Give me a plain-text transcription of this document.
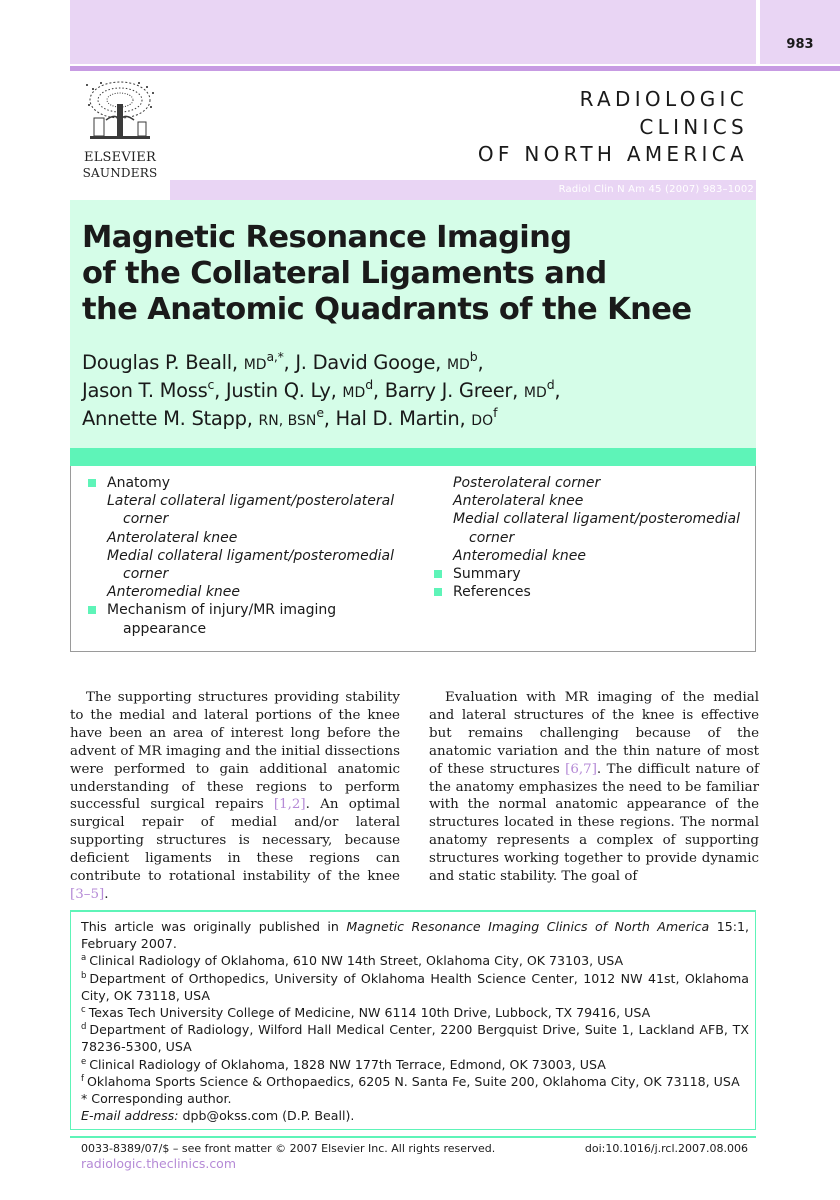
983
ELSEVIER
SAUNDERS
RADIOLOGIC
CLINICS
OF NORTH AMERICA
Radiol Clin N Am 45 (2007) 983–1002
Magnetic Resonance Imaging
of the Collateral Ligaments and
the Anatomic Quadrants of the Knee
Douglas P. Beall, $MD^{a,*}$, J. David Googe, $MD^b$,
Jason T. Moss$^c$, Justin Q. Ly, $MD^d$, Barry J. Greer, $MD^d$,
Annette M. Stapp, RN, BSN$^e$, Hal D. Martin, $DO^f$
Anatomy
Lateral collateral ligament/posterolateral
corner
Anterolateral knee
Medial collateral ligament/posteromedial
corner
Anteromedial knee
Mechanism of injury/MR imaging
appearance
Posterolateral corner
Anterolateral knee
Medial collateral ligament/posteromedial
corner
Anteromedial knee
Summary
References

The supporting structures providing stability to the medial and lateral portions of the knee have been an area of interest long before the advent of MR imaging and the initial dissections were performed to gain additional anatomic understanding of these regions to perform successful surgical repairs [1,2]. An optimal surgical repair of medial and/or lateral supporting structures is necessary, because deficient ligaments in these regions can contribute to rotational instability of the knee [3–5].

Evaluation with MR imaging of the medial and lateral structures of the knee is effective but remains challenging because of the anatomic variation and the thin nature of most of these structures [6,7]. The difficult nature of the anatomy emphasizes the need to be familiar with the normal anatomic appearance of the structures located in these regions. The normal anatomy represents a complex of supporting structures working together to provide dynamic and static stability. The goal of

This article was originally published in Magnetic Resonance Imaging Clinics of North America 15:1, February 2007.

$^a$ Clinical Radiology of Oklahoma, 610 NW 14th Street, Oklahoma City, OK 73103, USA

$^b$ Department of Orthopedics, University of Oklahoma Health Science Center, 1012 NW 41st, Oklahoma City, OK 73118, USA

$^c$ Texas Tech University College of Medicine, NW 6114 10th Drive, Lubbock, TX 79416, USA

$^d$ Department of Radiology, Wilford Hall Medical Center, 2200 Bergquist Drive, Suite 1, Lackland AFB, TX 78236-5300, USA

$^e$ Clinical Radiology of Oklahoma, 1828 NW 177th Terrace, Edmond, OK 73003, USA

$^f$ Oklahoma Sports Science & Orthopaedics, 6205 N. Santa Fe, Suite 200, Oklahoma City, OK 73118, USA

* Corresponding author.

E-mail address: dpb@okss.com (D.P. Beall).

0033-8389/07/$ – see front matter © 2007 Elsevier Inc. All rights reserved.	doi:10.1016/j.rcl.2007.08.006
radiologic.theclinics.com
